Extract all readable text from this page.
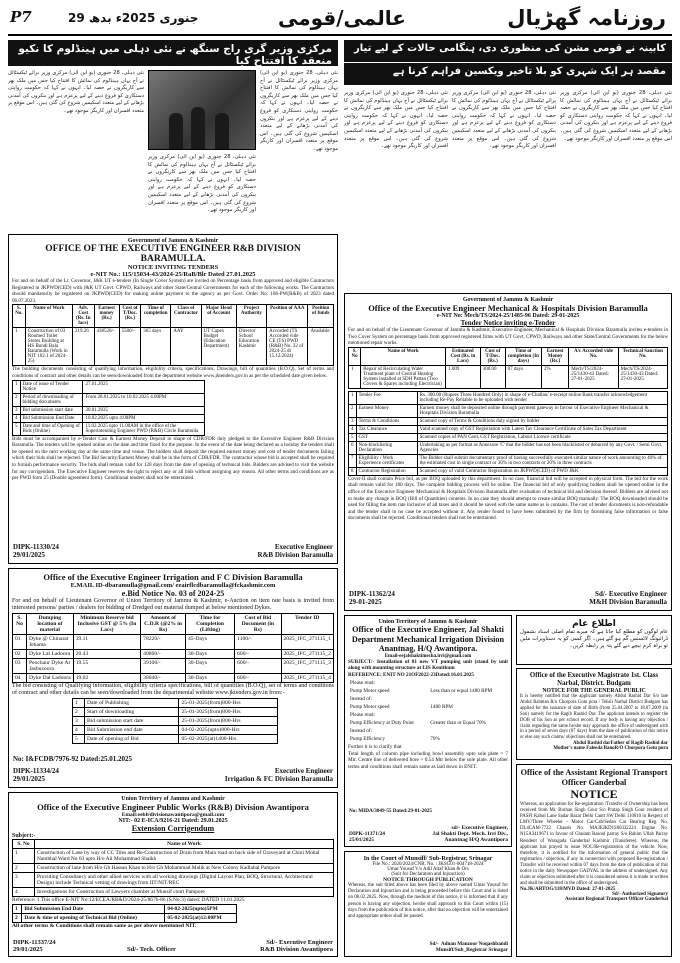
P7	29 جنوری 2025ء بدھ	عالمی/قومی	روزنامہ گھڑیال
مرکزی وزیر گری راج سنگھ نے نئی دہلی میں ہینڈلوم کا نکیو منعقد کا افتتاح کیا
نئی دہلی، 28 جنوری (یو این آئی) مرکزی وزیر برائے ٹیکسٹائل نے آج یہاں ہینڈلوم کی نمائش کا افتتاح کیا جس میں ملک بھر سے کاریگروں نے حصہ لیا۔ انہوں نے کہا کہ حکومت روایتی دستکاری کو فروغ دینے کے لیے پرعزم ہے اور بنکروں کی آمدنی بڑھانے کے لیے متعدد اسکیمیں شروع کی گئی ہیں۔ اس موقع پر متعدد افسران اور کاریگر موجود تھے۔
نئی دہلی، 28 جنوری (یو این آئی) مرکزی وزیر برائے ٹیکسٹائل نے آج یہاں ہینڈلوم کی نمائش کا افتتاح کیا جس میں ملک بھر سے کاریگروں نے حصہ لیا۔ انہوں نے کہا کہ حکومت روایتی دستکاری کو فروغ دینے کے لیے پرعزم ہے اور بنکروں کی آمدنی بڑھانے کے لیے متعدد اسکیمیں شروع کی گئی ہیں۔ اس موقع پر متعدد افسران اور کاریگر موجود تھے۔
نئی دہلی، 28 جنوری (یو این آئی) مرکزی وزیر برائے ٹیکسٹائل نے آج یہاں ہینڈلوم کی نمائش کا افتتاح کیا جس میں ملک بھر سے کاریگروں نے حصہ لیا۔ انہوں نے کہا کہ حکومت روایتی دستکاری کو فروغ دینے کے لیے پرعزم ہے اور بنکروں کی آمدنی بڑھانے کے لیے متعدد اسکیمیں شروع کی گئی ہیں۔ اس موقع پر متعدد افسران اور کاریگر موجود تھے۔
کابینہ نے قومی مشن کی منظوری دی، ہنگامی حالات کے لیے تیار
مقصد ہر ایک شہری کو بلا تاخیر ویکسین فراہم کرنا ہے
نئی دہلی، 28 جنوری (یو این آئی) مرکزی وزیر برائے ٹیکسٹائل نے آج یہاں ہینڈلوم کی نمائش کا افتتاح کیا جس میں ملک بھر سے کاریگروں نے حصہ لیا۔ انہوں نے کہا کہ حکومت روایتی دستکاری کو فروغ دینے کے لیے پرعزم ہے اور بنکروں کی آمدنی بڑھانے کے لیے متعدد اسکیمیں شروع کی گئی ہیں۔ اس موقع پر متعدد افسران اور کاریگر موجود تھے۔
نئی دہلی، 28 جنوری (یو این آئی) مرکزی وزیر برائے ٹیکسٹائل نے آج یہاں ہینڈلوم کی نمائش کا افتتاح کیا جس میں ملک بھر سے کاریگروں نے حصہ لیا۔ انہوں نے کہا کہ حکومت روایتی دستکاری کو فروغ دینے کے لیے پرعزم ہے اور بنکروں کی آمدنی بڑھانے کے لیے متعدد اسکیمیں شروع کی گئی ہیں۔ اس موقع پر متعدد افسران اور کاریگر موجود تھے۔
نئی دہلی، 28 جنوری (یو این آئی) مرکزی وزیر برائے ٹیکسٹائل نے آج یہاں ہینڈلوم کی نمائش کا افتتاح کیا جس میں ملک بھر سے کاریگروں نے حصہ لیا۔ انہوں نے کہا کہ حکومت روایتی دستکاری کو فروغ دینے کے لیے پرعزم ہے اور بنکروں کی آمدنی بڑھانے کے لیے متعدد اسکیمیں شروع کی گئی ہیں۔ اس موقع پر متعدد افسران اور کاریگر موجود تھے۔
Government of Jammu & Kashmir
OFFICE OF THE EXECUTIVE ENGINEER R&B DIVISION BARAMULLA.
NOTICE INVITING TENDERS
e-NIT No.: 115/15034-43/2024-25/RaB/Blr Dated 27.01.2025

For and on behalf of the Lt. Governor, J&K UT e-tenders (In Single Cover System) are invited on Percentage basis from approved and eligible Contractors Registered in JKPWD(CED) with J&K UT Govt. CPWD, Railways and other State/Central Governments for each of the following works. The Contractors should mandatorily be registered on JKPWD(CED) for making online payment to the agency as per Govt. Order No: 186-PW(R&B) of 2023 dated 06.07.2023.

S. No.	Name of Work	Adv. Cost (Rs. In lacs)	Earnest money (Rs.)	Cost of T/Doc. (Rs.)	Time of completion	Class of Contractor	Major Head of Account	Project Authority	Position of AAA	Position of funds
1	Construction of 03 Roomed Toilet Stores Building at HS Bondi Bala Baramulla (Work in NIT 102.1 of 2024-25)	219.26	438520/-	5500/-	365 days	AAY	UT Capex Budget (Education Department)	Director School Education Kashmir	Accorded (TS Accorded vide CE (TS) PWD (R&B) No. 32 of 2024-25 dt 15.12.2024)	Available

The building documents consisting of qualifying information, eligibility criteria, specifications, Drawings, bill of quantities (B.O.Q), Set of terms and conditions of contract and other details can be seen/downloaded from the department website www.jktenders.gov.in as per the scheduled date given below.

1	Date of issue of Tender Notice	27.01.2025
2	Period of downloading of bidding documents	From 28.01.2025 to 10.02.2025 4.00PM
3	Bid submission start date	30.01.2025
4	Bid Submission End Date	10.02.2025 upto 4:00PM
5	Date and time of Opening of Bids (Online)	11.02.2025 upto 11.00AM in the office of the Superintending Engineer PWD (R&B) Circle Baramulla

Bids must be accompanied by e-Tender Cost & Earnest Money Deposit in shape of CDR/FDR duly pledged to the Executive Engineer R&B Division Baramulla. The tenders will be opened online on the date and time fixed for the purpose. In the event of the date being declared as a holiday the tenders shall be opened on the next working day at the same time and venue. The bidders shall deposit the required earnest money and cost of tender documents failing which their bids shall be rejected. The Bid Security/Earnest Money shall be in the form of CDR/FDR. The contractor whose bid is accepted shall be required to furnish performance security. The bids shall remain valid for 120 days from the date of opening of technical bids. Bidders are advised to visit the website for any corrigendum. The Executive Engineer reserves the right to reject any or all bids without assigning any reason. All other terms and conditions are as per PWD form 25 (Double agreement form). Conditional tenders shall not be entertained.

DIPK-11330/24
29/01/2025
Executive Engineer
R&B Division Baramulla
Government of Jammu & Kashmir
Office of the Executive Engineer Mechanical & Hospitals Division Baramulla
e-NIT No: Mech/TS/2024-25/1485-96 Dated: 29-01-2025
Tender Notice inviting e-Tender

For and on behalf of the Lieutenant Governor of Jammu & Kashmir, Executive Engineer, Mechanical & Hospitals Division Baramulla invites e-tenders in Two Cover System on percentage basis from approved registered firms with UT Govt, CPWD, Railways and other State/Central Governments for the below mentioned repair works.

S. No	Name of Work	Estimated Cost (Rs. in Lacs)	Cost of T/Doc. (Rs.)	Time of completion (In days)	Earnest Money (Rs.)	A/c Accorded vide No.	Technical Sanction No.
1	Repair of Recirculating Water Treatment plant of Central Heating System installed at SDH Pattan (Two Covers & Spares including Electrician)	1.009	300.00	07 days	2%	Mech/TS/2024-25/1430-43 Dated: 27-01-2025	Mech/TS/2024-25/1430-43 Dated: 27-01-2025
1	Tender Fee	Rs. 300.00 (Rupees Three Hundred Only) in shape of e-Challan/ e-receipt online Bank transfer acknowledgement including Re-Pay Reliable to be uploaded with tender
2	Earnest Money	Earnest money shall be deposited online through payment gateway in favour of Executive Engineer Mechanical & Hospitals Division Baramulla
3	Terms & Conditions	Scanned copy of Terms & Conditions duly signed by bidder
4	Tax Clearance	Valid scanned copy of GST Registration with Latest Tax Clearance Certificate of Sales Tax Department
5	GST	Scanned copies of PAN Card, GST Registration, Labour Licence certificate
6	Non-blacklisting Declaration	Undertaking as per format as Annexure 'C' that the bidder has not been blacklisted or debarred by any Govt. / Semi Govt. Agencies
7	Eligibility / Work Experience certificates	The Bidder shall submit documentary proof of having successfully executed similar nature of work amounting to 40% of the estimated cost in single contract or 30% in two contracts or 20% in three contracts
8	Contractor Registration	Scanned copy of valid Contractor Registration on JKPWD(CED) of PWD J&K

Cover-II shall contain Price bid, as per BOQ uploaded by this department. In no case, financial bid will be accepted in physical form. The bid for the work shall remain valid for 180 days. The complete bidding process will be online. The financial bid of only qualifying bidders shall be opened online in the office of the Executive Engineer Mechanical & Hospitals Division Baramulla after evaluation of technical bid and decision thereof. Bidders are advised not to make any change in BOQ (Bill of Quantities) contents. In no case they should attempt to create similar BOQ manually. The BOQ downloaded should be used for filling the item rate inclusive of all taxes and it should be saved with the same name as is contains. The cost of tender documents is non-refundable and the tender shall in no case be accepted without it. Any tender found to have been submitted by the firm by furnishing false information or false documents shall be rejected. Conditional tenders shall not be entertained.

DIPK-11362/24
29-01-2025
Sd/- Executive Engineer
M&H Division Baramulla
Office of the Executive Engineer Irrigation and F C Division Baramulla
E.MAIL ID-dbaramulla@gmail.com/ eeairflcdbaramulla@fckashmir.com
e.Bid Notice No. 03 of 2024-25

For and on behalf of Lieutenant Governor of Union Territory of Jammu & Kashmir, e-Auction on item rate basis is invited from interested persons/ parties / dealers for bidding of Dredged out material dumped at below mentioned Dykes.

S. No	Dumping location of material	Minimum Reserve bid Inclusive GST @ 5% (In Lacs)	Amount of C.D.R (@2% in Rs)	Time for Completion (Lifting)	Cost of Bid Document (in Rs)	Tender ID
01	Dyke @ Chinarat Jehama	39.11	78220/-	45-Days	1100/-	2025_IFC_271115_1
02	Dyke Lal Ladoora	20.43	40860/-	30-Days	600/-	2025_IFC_271115_2
03	Peochaur Dyke At Jasbuzoora	19.55	39100/-	30-Days	600/-	2025_IFC_271115_3
04	Dyke Dal Ladoora	19.02	38040/-	30-Days	600/-	2025_IFC_271115_4

The bid consisting of Qualifying information, eligibility criteria specifications, bill of quantities (B.O.Q), set of terms and conditions of contract and other details can be seen/downloaded from the departmental website www.jktenders.gov.in from:-

1	Date of Publishing	25-01-2025(from)800-Hrs
2	Start of downloading	25-01-2025(from)800-Hrs
3	Bid submission start date	25-01-2025(from)800-Hrs
4	Bid Submission end date	04-02-2025(upto)800-Hrs
5	Date of opening of Bid	05-02-2025(at)1400-Hrs
No: I&FCDB/7976-92 Dated:25.01.2025
DIPK-11334/24
29/01/2025
Executive Engineer
Irrigation & FC Division Baramulla
Union Territory of Jammu and Kashmir
Office of the Executive Engineer Public Works (R&B) Division Awantipora
Email:eeblrdivisionawantipora@gmail.com
NIT:- 02 E-ICA/9216-21 Dated: 29.01.2025
Extension Corrigendum
Subject:-
S. No	Name of Work
1	Construction of Lane by way of CC Tiles and Re-Construction of Drain from Main road on back side of Graveyard at Chini Mohal Nambhal Ward No 03 upto H/o Ali Mohammad Shaikh
2	Construction of lane from H/o Gh Hassan Khan to H/o Gh Mohammad Malik at New Colony Kadlabal Pampore
3	Providing Consultancy and other allied services with all working drawings (Digital Layout Plan, BOQ, Structural, Architectural Design) include Technical vetting of drawings from IIT/NIT/REC
4	Investigations for Construction of Lawyers chamber at Munsif court Pampore

Reference: 1.This office E-NIT No:12/ECEA/RB&D/2024-25/8676-86 (S.No:3) dated: DATED 11.01.2025

1	Bid Submission End Date	04-02-2025(upto)5PM
2	Date & time of opening of Technical Bid (Online)	05-02-2025(at)12:00PM
All other terms & Conditions shall remain same as per above mentioned NIT.
DIPK-11337/24
29/01/2025	Sd/- Tech. Officer
Sd/- Executive Engineer
R&B Division Awantipora
Union Territory of Jammu & Kashmir
Office of the Executive Engineer, Jal Shakti Department Mechanical Irrigation Division Anantnag, H/Q Awantipora.
Email-eejalshaktimecha.irri@gmail.com

SUBJECT:- Installation of 01 new VT pumping unit (stand by unit along with mounting structure at LIS Kenitkum

REFERENCE: ENIT NO 21OF2022-23Dated:16.01.2025

Please read:	
Pump Motor speed	Less than or equal 1480 RPM
Instead of:	
Pump Motor speed	1480 RPM
Please read:	
Pump Efficiency at Duty Point	Greater than or Equal 70%
Instead of:	
Pump Efficiency	70%

Further it is to clarify that

Total length of column pipe including bowl assembly upto sole plate = 7 Mtr. Centre line of delivered bore = 0.54 Mtr below the sole plate. All other terms and conditions shall remain same as laid down in ENIT.

No: MIDA/3049-55 Dated:29-01-2025
DIPK-11371/24
25/01/2025
sd/- Executive Engineer,
Jal Shakti Dept. Mech. Irri Div.,
Anantnag H/Q Awantipora
In the Court of Munsiff/ Sub-Registrar, Srinagar
File No.: 2020/2024/CNR. No. : JKSG01-004718-2024
Umar Yousuf V/s Adil Altaf Khan & Ors
(Suit for Declaration and Injunction)
NOTICE THROUGH PUBLICATION

Whereas, the suit titled above has been filed by above named Umar Yousuf for Declaration and Injunction and is being proceeded before this Court and is listed on 08.02.2025. Now, through the medium of this notice, it is informed that if any person is having any objection, he/she shall approach to this Court within (15) days from the publication of this notice, after that no objection will be entertained and appropriate orders shall be passed.

Sd/-  Adnan Manzoor Noqashbandi
Munsiff/Sub_Registrar Srinagar
اطلاع عام
عام لوگوں کو مطلع کیا جاتا ہے کہ میرے تمام اصلی اسناد بشمول ڈرائیونگ لائسنس گم ہو گئے ہیں۔ اگر کسی کو یہ دستاویزات ملیں تو براہ کرم نیچے دیے گئے پتہ پر رابطہ کریں۔
Office of the Executive Magistrate 1st. Class Narbal, District. Budgam
NOTICE FOR THE GENERAL PUBLIC

It is hereby notified that the applicant namely Abdul Rashid Dar S/o late Abdul Rahman R/o Chorpora Gotu pora / Tehsil Narbal District Budgam has applied for the issuance of date of Birth (from 25.04.2007 to 18.07.2009 (in Son) namely for the Ragib Rashid Dar. The applicant intends to register the DOB of his Son as per school record. If any body is having any objection / claim regarding the same he/she may approach the office of undersigned with in a period of seven days (07 days) from the date of publication of this notice or else any such claims/ objections shall not be entertained.

Abdul Rashid darFather of Ragib Rashid dar
Mother's name Faleeda BanoR/O Chorpora Gotu pora
Office of the Assistant Regional Transport Officer Ganderbal
NOTICE

Whereas, an application for Re-registration /Transfer of Ownership has been received from Mr. Burhan Singh Gour S/o Pratap Singh Gour resident of PASFI Kahul Lane Sadar Bazar Delhi Cantt SW Delhi 110010 in Respect of LMV/Three Wheeler - Motor Car/Cab/Sedan Car Bearing Reg. No. DL4CAM-7722 Chassis No. MA3EJKD1S00332224 Engine No. N15A3419671 in favour of Ghulam Rasool parray S/o Rahim Ullah Parray Resident of Waragada Ganderbal Kashmir (Transferee). Whereas, the applicant has prayed to issue NOC/Re-registration of the vehicle. Now, therefore, it is notified for the information of general public that the registration / objection, if any in connection with proposed Re-registration / Transfer will be received within 07 days from the date of publication of this notice in the daily Newspaper GADYAL in the address of undersigned. Any claim or objection submitted after it is considered unless it is made in written and shall be submitted in the office of undersigned.

No.JK/ARTOG/118/MVD Dated: 27-01-2025
Sd/- Authorized Signatory
Assistant Regional Transport Officer Ganderbal
